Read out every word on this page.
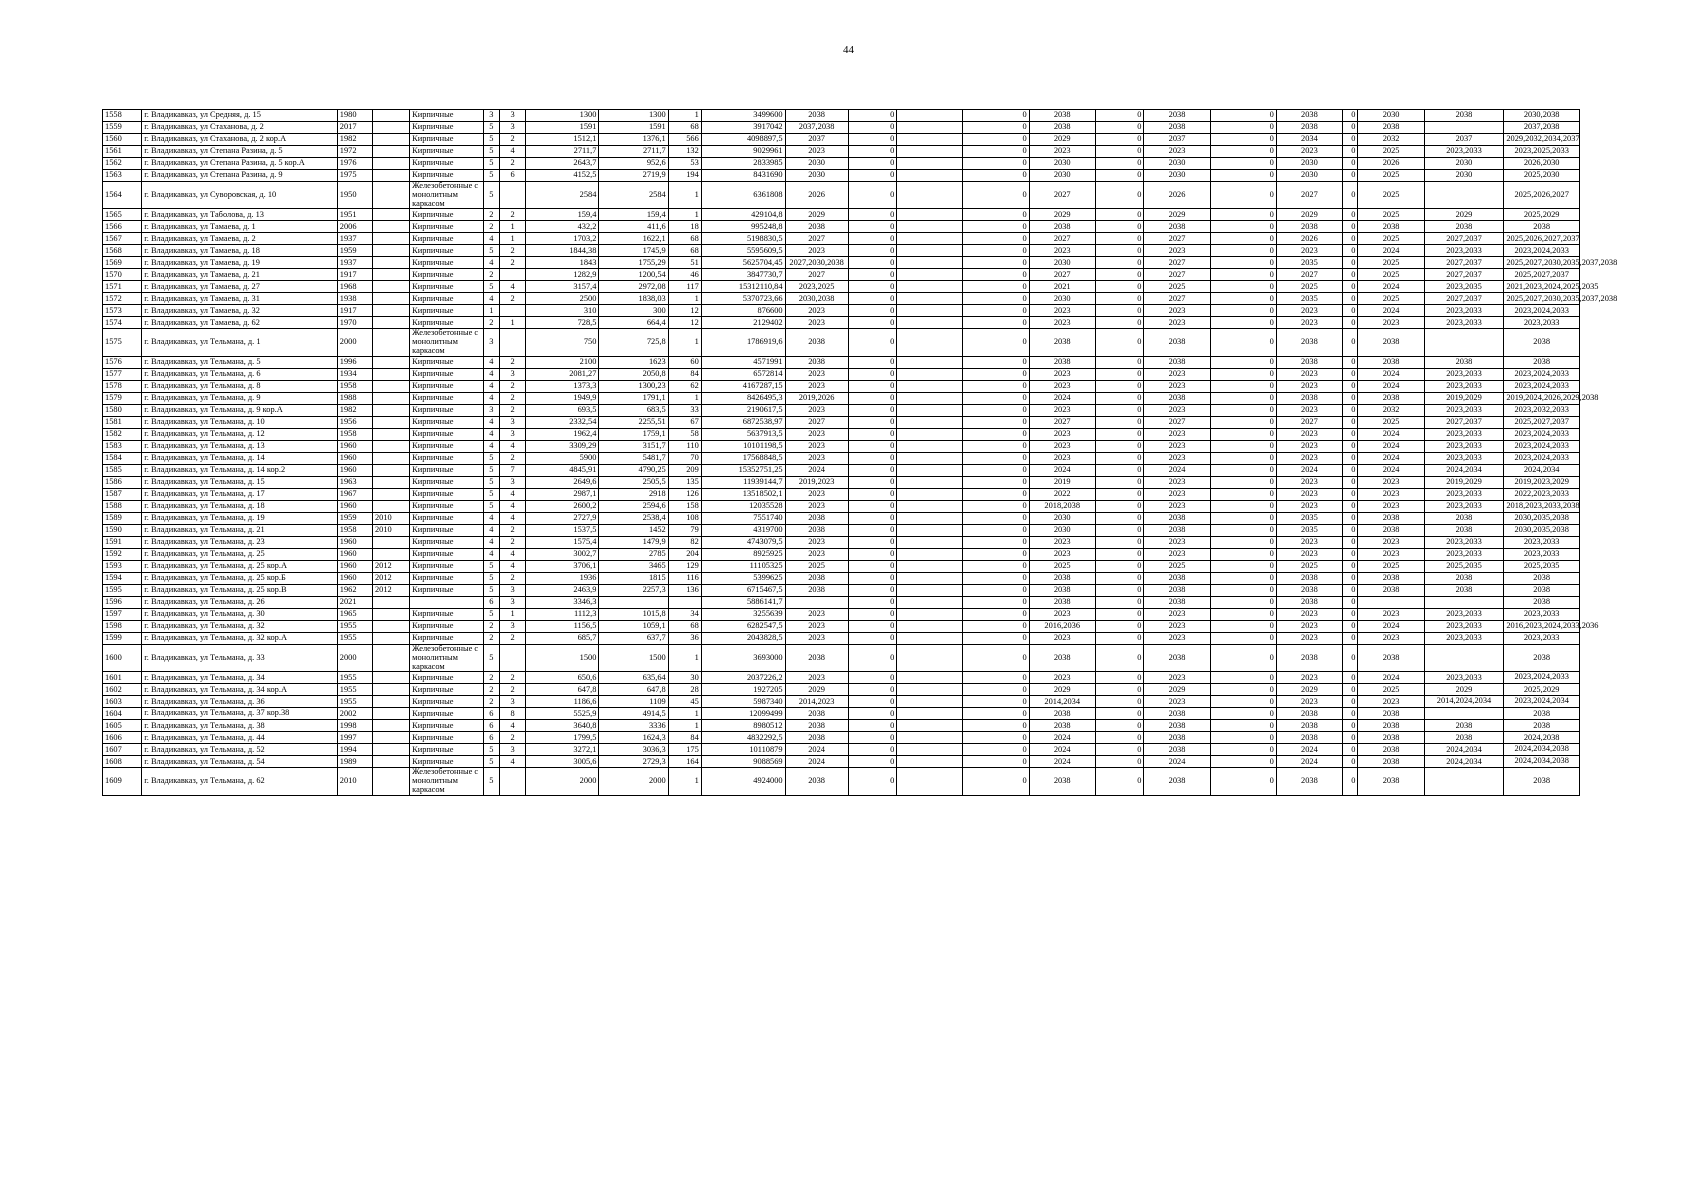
44
1558	г. Владикавказ, ул Средняя, д. 15	1980		Кирпичные	3	3	1300	1300	1	3499600	2038	0		0	2038	0	2038	0	2038	0	2030	2038	2030,2038
1559	г. Владикавказ, ул Стаханова, д. 2	2017		Кирпичные	5	3	1591	1591	68	3917042	2037,2038	0		0	2038	0	2038	0	2038	0	2038		2037,2038
1560	г. Владикавказ, ул Стаханова, д. 2 кор.А	1982		Кирпичные	5	2	1512,1	1376,1	566	4098897,5	2037	0		0	2029	0	2037	0	2034	0	2032	2037	2029,2032,2034,2037
1561	г. Владикавказ, ул Степана Разина, д. 5	1972		Кирпичные	5	4	2711,7	2711,7	132	9029961	2023	0		0	2023	0	2023	0	2023	0	2025	2023,2033	2023,2025,2033
1562	г. Владикавказ, ул Степана Разина, д. 5 кор.А	1976		Кирпичные	5	2	2643,7	952,6	53	2833985	2030	0		0	2030	0	2030	0	2030	0	2026	2030	2026,2030
1563	г. Владикавказ, ул Степана Разина, д. 9	1975		Кирпичные	5	6	4152,5	2719,9	194	8431690	2030	0		0	2030	0	2030	0	2030	0	2025	2030	2025,2030
1564	г. Владикавказ, ул Суворовская, д. 10	1950		Железобетонные с монолитным каркасом	5		2584	2584	1	6361808	2026	0		0	2027	0	2026	0	2027	0	2025		2025,2026,2027
1565	г. Владикавказ, ул Таболова, д. 13	1951		Кирпичные	2	2	159,4	159,4	1	429104,8	2029	0		0	2029	0	2029	0	2029	0	2025	2029	2025,2029
1566	г. Владикавказ, ул Тамаева, д. 1	2006		Кирпичные	2	1	432,2	411,6	18	995248,8	2038	0		0	2038	0	2038	0	2038	0	2038	2038	2038
1567	г. Владикавказ, ул Тамаева, д. 2	1937		Кирпичные	4	1	1703,2	1622,1	68	5198830,5	2027	0		0	2027	0	2027	0	2026	0	2025	2027,2037	2025,2026,2027,2037
1568	г. Владикавказ, ул Тамаева, д. 18	1959		Кирпичные	5	2	1844,38	1745,9	68	5595609,5	2023	0		0	2023	0	2023	0	2023	0	2024	2023,2033	2023,2024,2033
1569	г. Владикавказ, ул Тамаева, д. 19	1937		Кирпичные	4	2	1843	1755,29	51	5625704,45	2027,2030,2038	0		0	2030	0	2027	0	2035	0	2025	2027,2037	2025,2027,2030,2035,2037,2038
1570	г. Владикавказ, ул Тамаева, д. 21	1917		Кирпичные	2		1282,9	1200,54	46	3847730,7	2027	0		0	2027	0	2027	0	2027	0	2025	2027,2037	2025,2027,2037
1571	г. Владикавказ, ул Тамаева, д. 27	1968		Кирпичные	5	4	3157,4	2972,08	117	15312110,84	2023,2025	0		0	2021	0	2025	0	2025	0	2024	2023,2035	2021,2023,2024,2025,2035
1572	г. Владикавказ, ул Тамаева, д. 31	1938		Кирпичные	4	2	2500	1838,03	1	5370723,66	2030,2038	0		0	2030	0	2027	0	2035	0	2025	2027,2037	2025,2027,2030,2035,2037,2038
1573	г. Владикавказ, ул Тамаева, д. 32	1917		Кирпичные	1		310	300	12	876600	2023	0		0	2023	0	2023	0	2023	0	2024	2023,2033	2023,2024,2033
1574	г. Владикавказ, ул Тамаева, д. 62	1970		Кирпичные	2	1	728,5	664,4	12	2129402	2023	0		0	2023	0	2023	0	2023	0	2023	2023,2033	2023,2033
1575	г. Владикавказ, ул Тельмана, д. 1	2000		Железобетонные с монолитным каркасом	3		750	725,8	1	1786919,6	2038	0		0	2038	0	2038	0	2038	0	2038		2038
1576	г. Владикавказ, ул Тельмана, д. 5	1996		Кирпичные	4	2	2100	1623	60	4571991	2038	0		0	2038	0	2038	0	2038	0	2038	2038	2038
1577	г. Владикавказ, ул Тельмана, д. 6	1934		Кирпичные	4	3	2081,27	2050,8	84	6572814	2023	0		0	2023	0	2023	0	2023	0	2024	2023,2033	2023,2024,2033
1578	г. Владикавказ, ул Тельмана, д. 8	1958		Кирпичные	4	2	1373,3	1300,23	62	4167287,15	2023	0		0	2023	0	2023	0	2023	0	2024	2023,2033	2023,2024,2033
1579	г. Владикавказ, ул Тельмана, д. 9	1988		Кирпичные	4	2	1949,9	1791,1	1	8426495,3	2019,2026	0		0	2024	0	2038	0	2038	0	2038	2019,2029	2019,2024,2026,2029,2038
1580	г. Владикавказ, ул Тельмана, д. 9 кор.А	1982		Кирпичные	3	2	693,5	683,5	33	2190617,5	2023	0		0	2023	0	2023	0	2023	0	2032	2023,2033	2023,2032,2033
1581	г. Владикавказ, ул Тельмана, д. 10	1956		Кирпичные	4	3	2332,54	2255,51	67	6872538,97	2027	0		0	2027	0	2027	0	2027	0	2025	2027,2037	2025,2027,2037
1582	г. Владикавказ, ул Тельмана, д. 12	1958		Кирпичные	4	3	1962,4	1759,1	58	5637913,5	2023	0		0	2023	0	2023	0	2023	0	2024	2023,2033	2023,2024,2033
1583	г. Владикавказ, ул Тельмана, д. 13	1960		Кирпичные	4	4	3309,29	3151,7	110	10101198,5	2023	0		0	2023	0	2023	0	2023	0	2024	2023,2033	2023,2024,2033
1584	г. Владикавказ, ул Тельмана, д. 14	1960		Кирпичные	5	2	5900	5481,7	70	17568848,5	2023	0		0	2023	0	2023	0	2023	0	2024	2023,2033	2023,2024,2033
1585	г. Владикавказ, ул Тельмана, д. 14 кор.2	1960		Кирпичные	5	7	4845,91	4790,25	209	15352751,25	2024	0		0	2024	0	2024	0	2024	0	2024	2024,2034	2024,2034
1586	г. Владикавказ, ул Тельмана, д. 15	1963		Кирпичные	5	3	2649,6	2505,5	135	11939144,7	2019,2023	0		0	2019	0	2023	0	2023	0	2023	2019,2029	2019,2023,2029
1587	г. Владикавказ, ул Тельмана, д. 17	1967		Кирпичные	5	4	2987,1	2918	126	13518502,1	2023	0		0	2022	0	2023	0	2023	0	2023	2023,2033	2022,2023,2033
1588	г. Владикавказ, ул Тельмана, д. 18	1960		Кирпичные	5	4	2600,2	2594,6	158	12035528	2023	0		0	2018,2038	0	2023	0	2023	0	2023	2023,2033	2018,2023,2033,2038
1589	г. Владикавказ, ул Тельмана, д. 19	1959	2010	Кирпичные	4	4	2727,9	2538,4	108	7551740	2038	0		0	2030	0	2038	0	2035	0	2038	2038	2030,2035,2038
1590	г. Владикавказ, ул Тельмана, д. 21	1958	2010	Кирпичные	4	2	1537,5	1452	79	4319700	2038	0		0	2030	0	2038	0	2035	0	2038	2038	2030,2035,2038
1591	г. Владикавказ, ул Тельмана, д. 23	1960		Кирпичные	4	2	1575,4	1479,9	82	4743079,5	2023	0		0	2023	0	2023	0	2023	0	2023	2023,2033	2023,2033
1592	г. Владикавказ, ул Тельмана, д. 25	1960		Кирпичные	4	4	3002,7	2785	204	8925925	2023	0		0	2023	0	2023	0	2023	0	2023	2023,2033	2023,2033
1593	г. Владикавказ, ул Тельмана, д. 25 кор.А	1960	2012	Кирпичные	5	4	3706,1	3465	129	11105325	2025	0		0	2025	0	2025	0	2025	0	2025	2025,2035	2025,2035
1594	г. Владикавказ, ул Тельмана, д. 25 кор.Б	1960	2012	Кирпичные	5	2	1936	1815	116	5399625	2038	0		0	2038	0	2038	0	2038	0	2038	2038	2038
1595	г. Владикавказ, ул Тельмана, д. 25 кор.В	1962	2012	Кирпичные	5	3	2463,9	2257,3	136	6715467,5	2038	0		0	2038	0	2038	0	2038	0	2038	2038	2038
1596	г. Владикавказ, ул Тельмана, д. 26	2021			6	3	3346,3			5886141,7		0		0	2038	0	2038	0	2038	0			2038
1597	г. Владикавказ, ул Тельмана, д. 30	1965		Кирпичные	5	1	1112,3	1015,8	34	3255639	2023	0		0	2023	0	2023	0	2023	0	2023	2023,2033	2023,2033
1598	г. Владикавказ, ул Тельмана, д. 32	1955		Кирпичные	2	3	1156,5	1059,1	68	6282547,5	2023	0		0	2016,2036	0	2023	0	2023	0	2024	2023,2033	2016,2023,2024,2033,2036
1599	г. Владикавказ, ул Тельмана, д. 32 кор.А	1955		Кирпичные	2	2	685,7	637,7	36	2043828,5	2023	0		0	2023	0	2023	0	2023	0	2023	2023,2033	2023,2033
1600	г. Владикавказ, ул Тельмана, д. 33	2000		Железобетонные с монолитным каркасом	5		1500	1500	1	3693000	2038	0		0	2038	0	2038	0	2038	0	2038		2038
1601	г. Владикавказ, ул Тельмана, д. 34	1955		Кирпичные	2	2	650,6	635,64	30	2037226,2	2023	0		0	2023	0	2023	0	2023	0	2024	2023,2033	2023,2024,2033
1602	г. Владикавказ, ул Тельмана, д. 34 кор.А	1955		Кирпичные	2	2	647,8	647,8	28	1927205	2029	0		0	2029	0	2029	0	2029	0	2025	2029	2025,2029
1603	г. Владикавказ, ул Тельмана, д. 36	1955		Кирпичные	2	3	1186,6	1109	45	5987340	2014,2023	0		0	2014,2034	0	2023	0	2023	0	2023	2014,2024,2034	2023,2024,2034
1604	г. Владикавказ, ул Тельмана, д. 37 кор.38	2002		Кирпичные	6	8	5525,9	4914,5	1	12099499	2038	0		0	2038	0	2038	0	2038	0	2038		2038
1605	г. Владикавказ, ул Тельмана, д. 38	1998		Кирпичные	6	4	3640,8	3336	1	8980512	2038	0		0	2038	0	2038	0	2038	0	2038	2038	2038
1606	г. Владикавказ, ул Тельмана, д. 44	1997		Кирпичные	6	2	1799,5	1624,3	84	4832292,5	2038	0		0	2024	0	2038	0	2038	0	2038	2038	2024,2038
1607	г. Владикавказ, ул Тельмана, д. 52	1994		Кирпичные	5	3	3272,1	3036,3	175	10110879	2024	0		0	2024	0	2038	0	2024	0	2038	2024,2034	2024,2034,2038
1608	г. Владикавказ, ул Тельмана, д. 54	1989		Кирпичные	5	4	3005,6	2729,3	164	9088569	2024	0		0	2024	0	2024	0	2024	0	2038	2024,2034	2024,2034,2038
1609	г. Владикавказ, ул Тельмана, д. 62	2010		Железобетонные с монолитным каркасом	5		2000	2000	1	4924000	2038	0		0	2038	0	2038	0	2038	0	2038		2038
